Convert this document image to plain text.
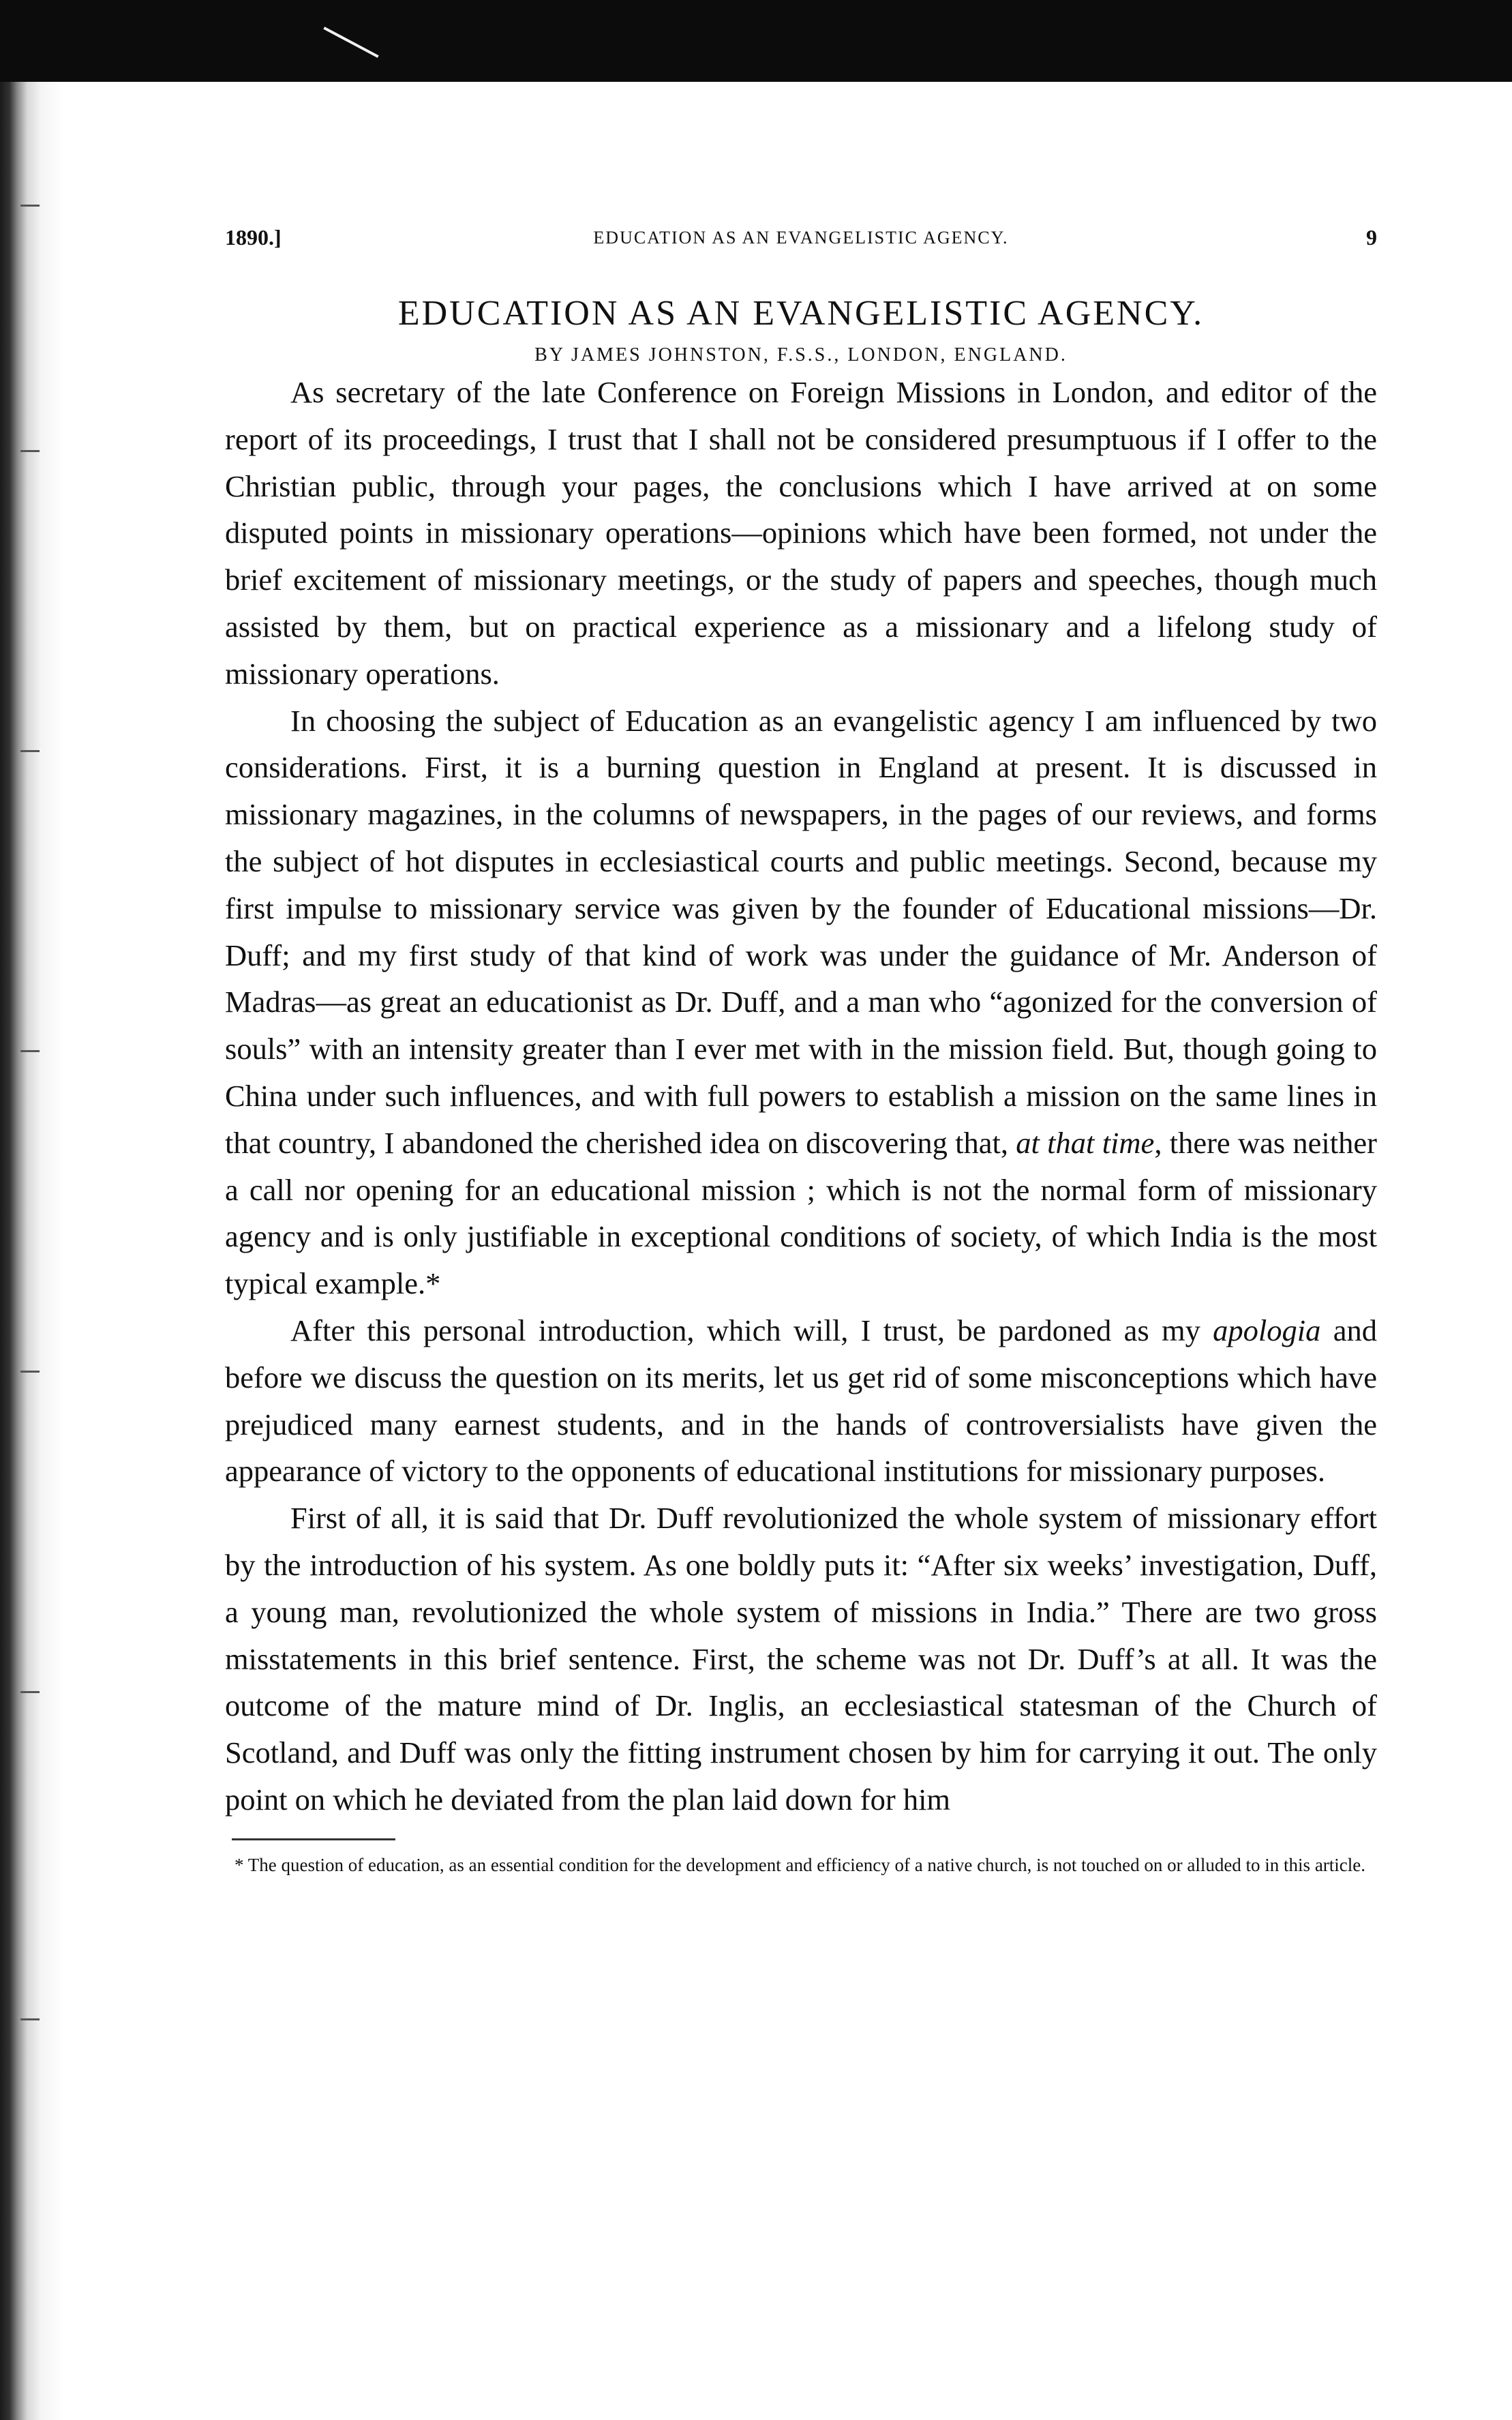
1890.]	EDUCATION AS AN EVANGELISTIC AGENCY.	9
EDUCATION AS AN EVANGELISTIC AGENCY.
BY JAMES JOHNSTON, F.S.S., LONDON, ENGLAND.

As secretary of the late Conference on Foreign Missions in London, and editor of the report of its proceedings, I trust that I shall not be considered presumptuous if I offer to the Christian public, through your pages, the conclusions which I have arrived at on some disputed points in missionary operations—opinions which have been formed, not under the brief excitement of missionary meetings, or the study of papers and speeches, though much assisted by them, but on practical experience as a missionary and a lifelong study of missionary operations.

In choosing the subject of Education as an evangelistic agency I am influenced by two considerations. First, it is a burning question in England at present. It is discussed in missionary magazines, in the columns of newspapers, in the pages of our reviews, and forms the subject of hot disputes in ecclesiastical courts and public meetings. Second, because my first impulse to missionary service was given by the founder of Educational missions—Dr. Duff; and my first study of that kind of work was under the guidance of Mr. Anderson of Madras—as great an educationist as Dr. Duff, and a man who “agonized for the conversion of souls” with an intensity greater than I ever met with in the mission field. But, though going to China under such influences, and with full powers to establish a mission on the same lines in that country, I abandoned the cherished idea on discovering that, at that time, there was neither a call nor opening for an educational mission ; which is not the normal form of missionary agency and is only justifiable in exceptional conditions of society, of which India is the most typical example.*

After this personal introduction, which will, I trust, be pardoned as my apologia and before we discuss the question on its merits, let us get rid of some misconceptions which have prejudiced many earnest students, and in the hands of controversialists have given the appearance of victory to the opponents of educational institutions for missionary purposes.

First of all, it is said that Dr. Duff revolutionized the whole system of missionary effort by the introduction of his system. As one boldly puts it: “After six weeks’ investigation, Duff, a young man, revolutionized the whole system of missions in India.” There are two gross misstatements in this brief sentence. First, the scheme was not Dr. Duff’s at all. It was the outcome of the mature mind of Dr. Inglis, an ecclesiastical statesman of the Church of Scotland, and Duff was only the fitting instrument chosen by him for carrying it out. The only point on which he deviated from the plan laid down for him

* The question of education, as an essential condition for the development and efficiency of a native church, is not touched on or alluded to in this article.
